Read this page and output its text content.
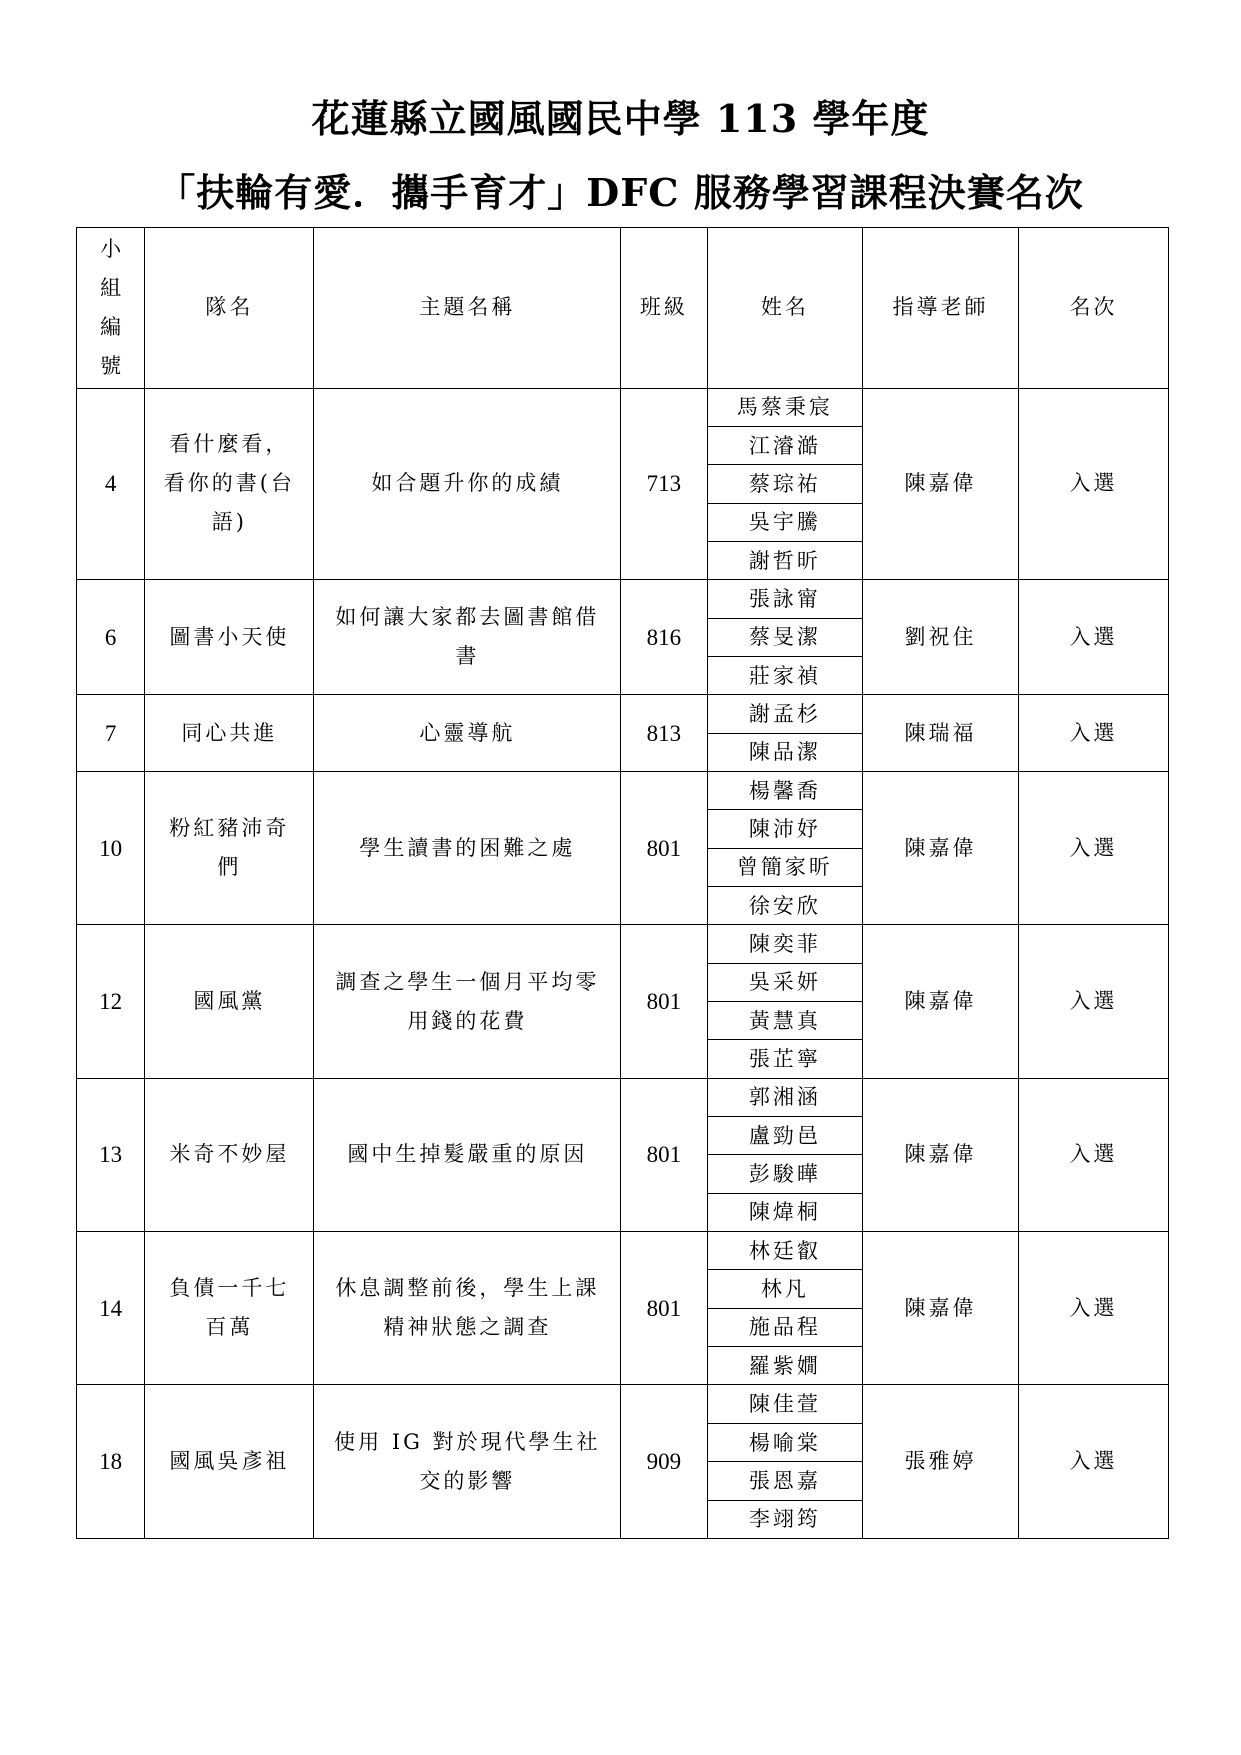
花蓮縣立國風國民中學 113 學年度
「扶輪有愛．攜手育才」DFC 服務學習課程決賽名次
小組編號	隊名	主題名稱	班級	姓名	指導老師	名次
4	看什麼看，看你的書(台語)	如合題升你的成績	713	馬蔡秉宸	陳嘉偉	入選
				江濬澔		
				蔡琮祐		
				吳宇騰		
				謝哲昕		
6	圖書小天使	如何讓大家都去圖書館借書	816	張詠甯	劉祝住	入選
				蔡旻潔		
				莊家禎		
7	同心共進	心靈導航	813	謝孟杉	陳瑞福	入選
				陳品潔		
10	粉紅豬沛奇們	學生讀書的困難之處	801	楊馨喬	陳嘉偉	入選
				陳沛妤		
				曾簡家昕		
				徐安欣		
12	國風黨	調查之學生一個月平均零用錢的花費	801	陳奕菲	陳嘉偉	入選
				吳采妍		
				黃慧真		
				張芷寧		
13	米奇不妙屋	國中生掉髮嚴重的原因	801	郭湘涵	陳嘉偉	入選
				盧勁邑		
				彭駿曄		
				陳煒桐		
14	負債一千七百萬	休息調整前後，學生上課精神狀態之調查	801	林廷叡	陳嘉偉	入選
				林凡		
				施品程		
				羅紫嫺		
18	國風吳彥祖	使用 IG 對於現代學生社交的影響	909	陳佳萱	張雅婷	入選
				楊喻棠		
				張恩嘉		
				李翊筠		
